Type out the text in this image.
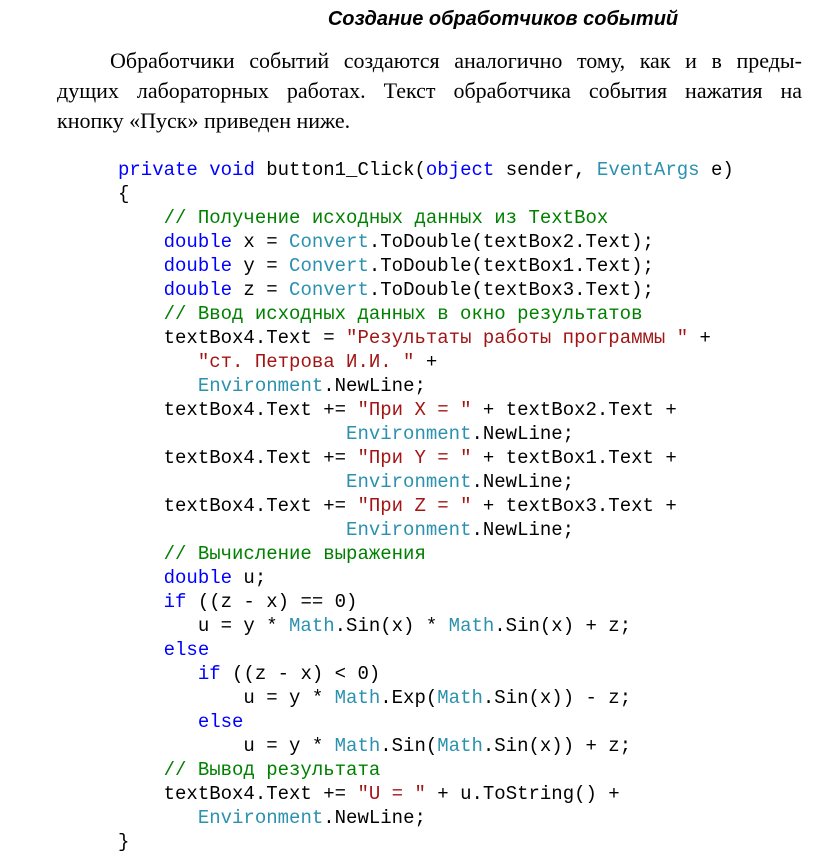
Создание обработчиков событий
Обработчики событий создаются аналогично тому, как и в преды-
дущих лабораторных работах. Текст обработчика события нажатия на
кнопку «Пуск» приведен ниже.
private void button1_Click(object sender, EventArgs e)
{
// Получение исходных данных из TextBox
double x = Convert.ToDouble(textBox2.Text);
double y = Convert.ToDouble(textBox1.Text);
double z = Convert.ToDouble(textBox3.Text);
// Ввод исходных данных в окно результатов
textBox4.Text = "Результаты работы программы " +
"ст. Петрова И.И. " +
Environment.NewLine;
textBox4.Text += "При X = " + textBox2.Text +
Environment.NewLine;
textBox4.Text += "При Y = " + textBox1.Text +
Environment.NewLine;
textBox4.Text += "При Z = " + textBox3.Text +
Environment.NewLine;
// Вычисление выражения
double u;
if ((z - x) == 0)
u = y * Math.Sin(x) * Math.Sin(x) + z;
else
if ((z - x) < 0)
u = y * Math.Exp(Math.Sin(x)) - z;
else
u = y * Math.Sin(Math.Sin(x)) + z;
// Вывод результата
textBox4.Text += "U = " + u.ToString() +
Environment.NewLine;
}
